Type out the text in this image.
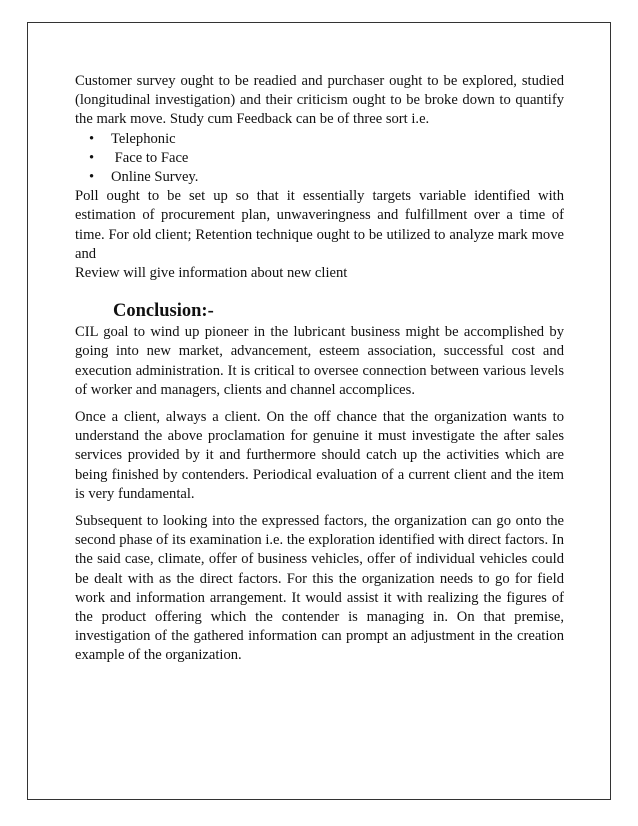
Customer survey ought to be readied and purchaser ought to be explored, studied (longitudinal investigation) and their criticism ought to be broke down to quantify the mark move. Study cum Feedback can be of three sort i.e.

• Telephonic
• Face to Face
• Online Survey.

Poll ought to be set up so that it essentially targets variable identified with estimation of procurement plan, unwaveringness and fulfillment over a time of time. For old client; Retention technique ought to be utilized to analyze mark move and

Review will give information about new client

Conclusion:-

CIL goal to wind up pioneer in the lubricant business might be accomplished by going into new market, advancement, esteem association, successful cost and execution administration. It is critical to oversee connection between various levels of worker and managers, clients and channel accomplices.

Once a client, always a client. On the off chance that the organization wants to understand the above proclamation for genuine it must investigate the after sales services provided by it and furthermore should catch up the activities which are being finished by contenders. Periodical evaluation of a current client and the item is very fundamental.

Subsequent to looking into the expressed factors, the organization can go onto the second phase of its examination i.e. the exploration identified with direct factors. In the said case, climate, offer of business vehicles, offer of individual vehicles could be dealt with as the direct factors. For this the organization needs to go for field work and information arrangement. It would assist it with realizing the figures of the product offering which the contender is managing in. On that premise, investigation of the gathered information can prompt an adjustment in the creation example of the organization.
